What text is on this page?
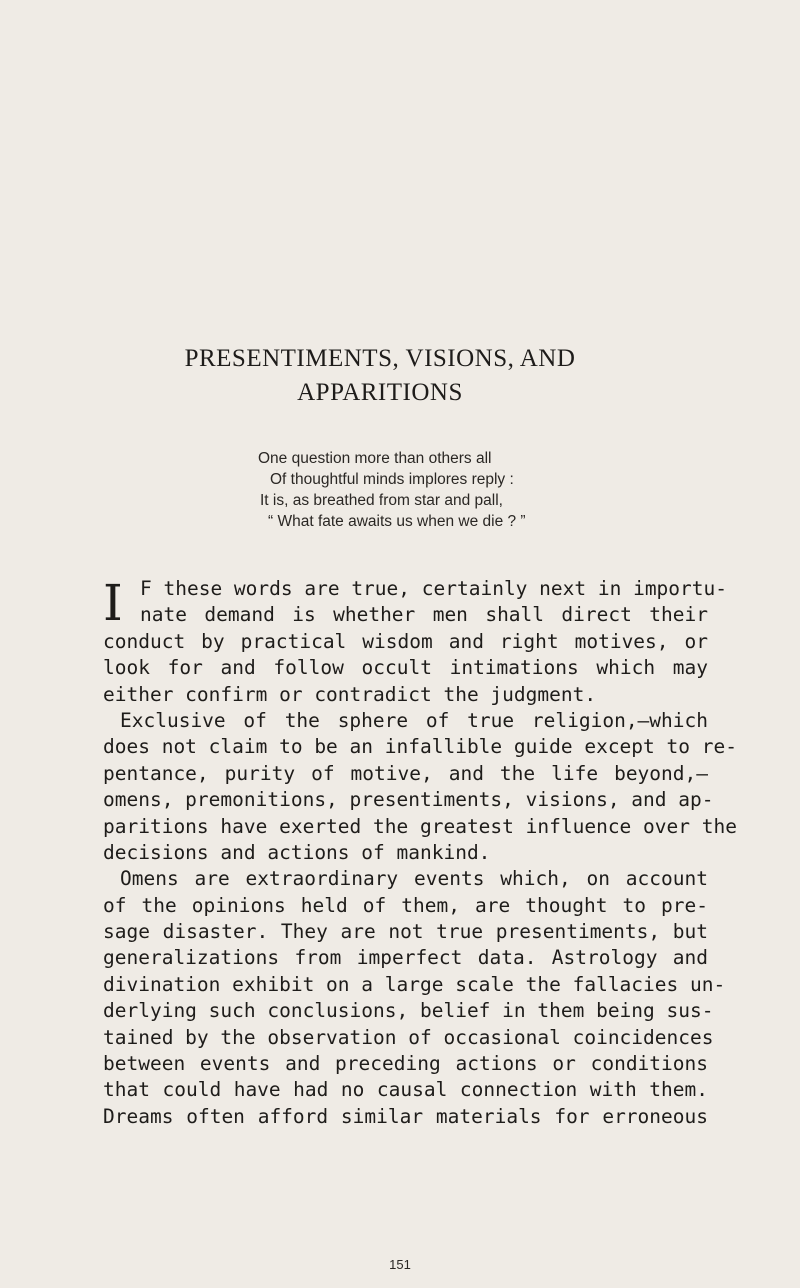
PRESENTIMENTS, VISIONS, AND
APPARITIONS
One question more than others all
Of thoughtful minds implores reply :
It is, as breathed from star and pall,
“ What fate awaits us when we die ? ”
I F these words are true, certainly next in importu-
nate demand is whether men shall direct their
conduct by practical wisdom and right motives, or
look for and follow occult intimations which may
either confirm or contradict the judgment.
Exclusive of the sphere of true religion,—which
does not claim to be an infallible guide except to re-
pentance, purity of motive, and the life beyond,—
omens, premonitions, presentiments, visions, and ap-
paritions have exerted the greatest influence over the
decisions and actions of mankind.
Omens are extraordinary events which, on account
of the opinions held of them, are thought to pre-
sage disaster. They are not true presentiments, but
generalizations from imperfect data. Astrology and
divination exhibit on a large scale the fallacies un-
derlying such conclusions, belief in them being sus-
tained by the observation of occasional coincidences
between events and preceding actions or conditions
that could have had no causal connection with them.
Dreams often afford similar materials for erroneous
151
